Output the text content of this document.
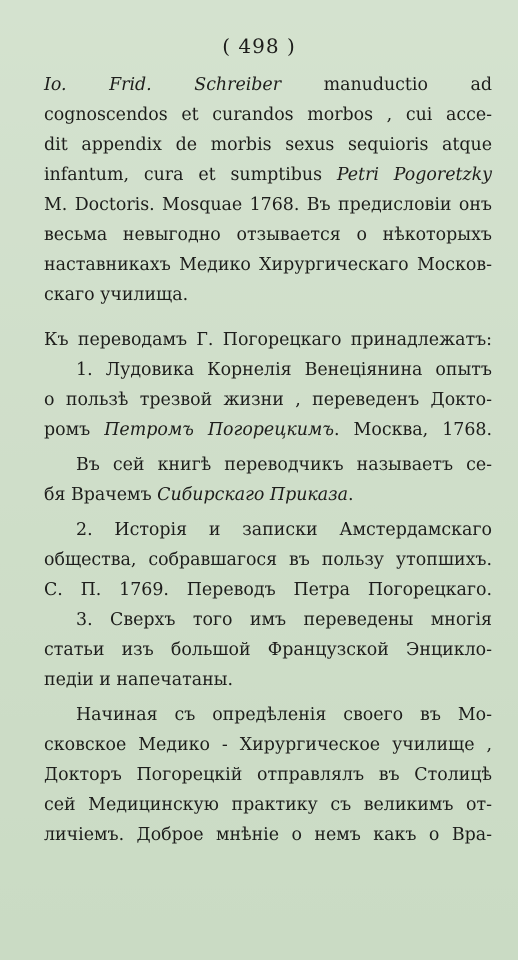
( 498 )
Io. Frid. Schreiber manuductio ad
cognoscendos et curandos morbos , cui acce-
dit appendix de morbis sexus sequioris atque
infantum, cura et sumptibus Petri Pogoretzky
M. Doctoris. Mosquae 1768. Въ предисловіи онъ
весьма невыгодно отзывается о нѣкоторыхъ
наставникахъ Медико Хирургическаго Москов-
скаго училища.
Къ переводамъ Г. Погорецкаго принадлежатъ:
1. Лудовика Корнелія Венеціянина опытъ
о пользѣ трезвой жизни , переведенъ Докто-
ромъ Петромъ Погорецкимъ. Москва, 1768.
Въ сей книгѣ переводчикъ называетъ се-
бя Врачемъ Сибирскаго Приказа.
2. Исторія и записки Амстердамскаго
общества, собравшагося въ пользу утопшихъ.
С. П. 1769. Переводъ Петра Погорецкаго.
3. Сверхъ того имъ переведены многія
статьи изъ большой Французской Энцикло-
педіи и напечатаны.
Начиная съ опредѣленія своего въ Мо-
сковское Медико - Хирургическое училище ,
Докторъ Погорецкій отправлялъ въ Столицѣ
сей Медицинскую практику съ великимъ от-
личіемъ. Доброе мнѣніе о немъ какъ о Вра-
